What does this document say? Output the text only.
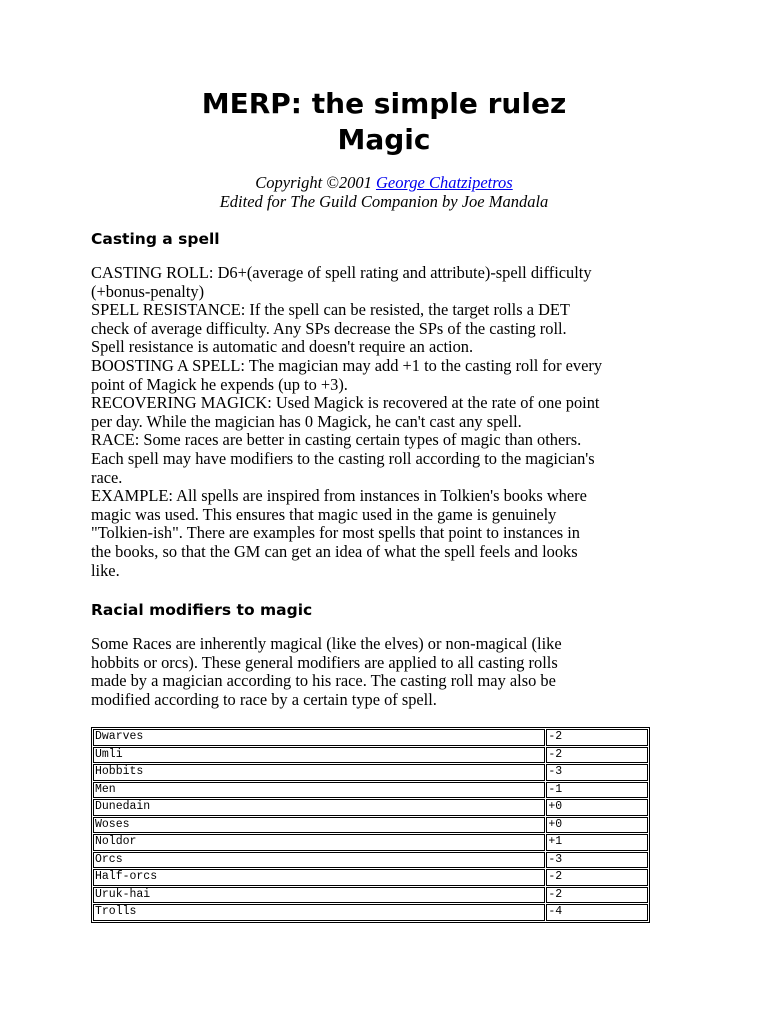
MERP: the simple rulez
Magic
Copyright ©2001 George Chatzipetros
Edited for The Guild Companion by Joe Mandala
Casting a spell
CASTING ROLL: D6+(average of spell rating and attribute)-spell difficulty
(+bonus-penalty)
SPELL RESISTANCE: If the spell can be resisted, the target rolls a DET
check of average difficulty. Any SPs decrease the SPs of the casting roll.
Spell resistance is automatic and doesn't require an action.
BOOSTING A SPELL: The magician may add +1 to the casting roll for every
point of Magick he expends (up to +3).
RECOVERING MAGICK: Used Magick is recovered at the rate of one point
per day. While the magician has 0 Magick, he can't cast any spell.
RACE: Some races are better in casting certain types of magic than others.
Each spell may have modifiers to the casting roll according to the magician's
race.
EXAMPLE: All spells are inspired from instances in Tolkien's books where
magic was used. This ensures that magic used in the game is genuinely
"Tolkien-ish". There are examples for most spells that point to instances in
the books, so that the GM can get an idea of what the spell feels and looks
like.
Racial modifiers to magic
Some Races are inherently magical (like the elves) or non-magical (like
hobbits or orcs). These general modifiers are applied to all casting rolls
made by a magician according to his race. The casting roll may also be
modified according to race by a certain type of spell.
Dwarves	-2
Umli	-2
Hobbits	-3
Men	-1
Dunedain	+0
Woses	+0
Noldor	+1
Orcs	-3
Half-orcs	-2
Uruk-hai	-2
Trolls	-4
